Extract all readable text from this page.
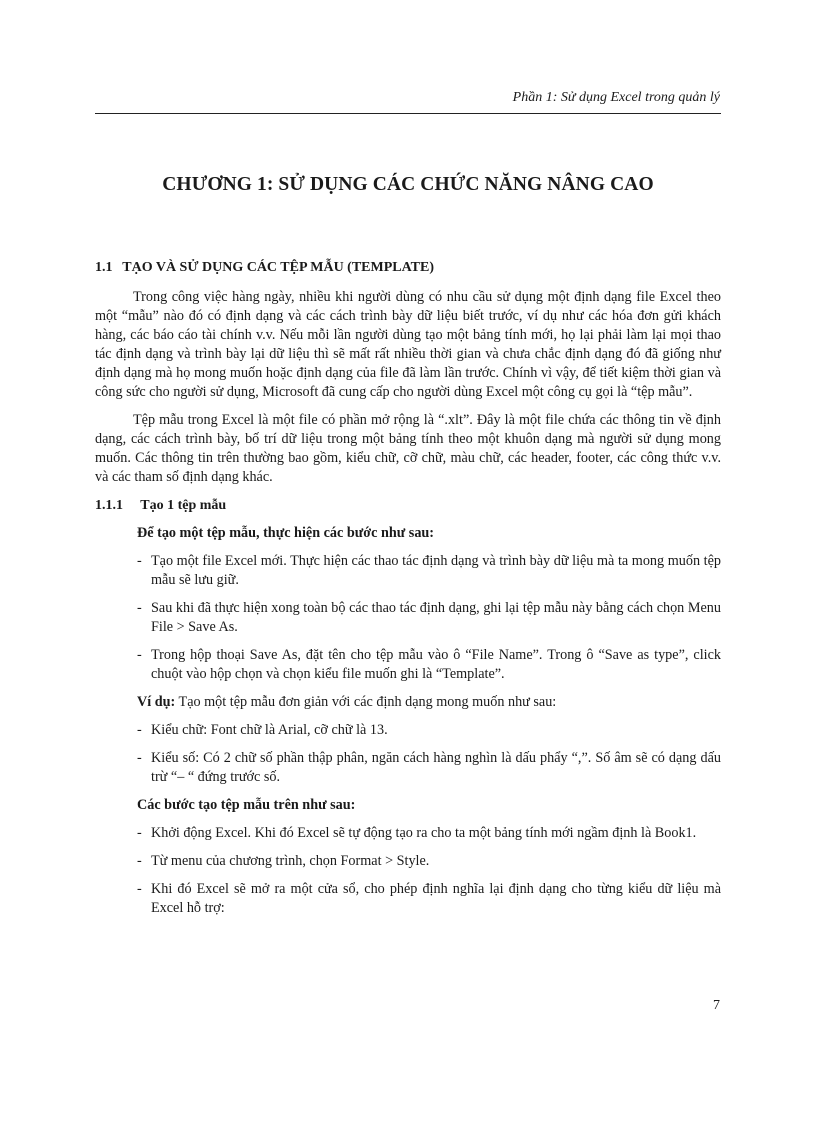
Phần 1: Sử dụng Excel trong quản lý
CHƯƠNG 1: SỬ DỤNG CÁC CHỨC NĂNG NÂNG CAO
1.1 TẠO VÀ SỬ DỤNG CÁC TỆP MẪU (TEMPLATE)

Trong công việc hàng ngày, nhiều khi người dùng có nhu cầu sử dụng một định dạng file Excel theo một “mẫu” nào đó có định dạng và các cách trình bày dữ liệu biết trước, ví dụ như các hóa đơn gửi khách hàng, các báo cáo tài chính v.v. Nếu mỗi lần người dùng tạo một bảng tính mới, họ lại phải làm lại mọi thao tác định dạng và trình bày lại dữ liệu thì sẽ mất rất nhiều thời gian và chưa chắc định dạng đó đã giống như định dạng mà họ mong muốn hoặc định dạng của file đã làm lần trước. Chính vì vậy, để tiết kiệm thời gian và công sức cho người sử dụng, Microsoft đã cung cấp cho người dùng Excel một công cụ gọi là “tệp mẫu”.

Tệp mẫu trong Excel là một file có phần mở rộng là “.xlt”. Đây là một file chứa các thông tin về định dạng, các cách trình bày, bố trí dữ liệu trong một bảng tính theo một khuôn dạng mà người sử dụng mong muốn. Các thông tin trên thường bao gồm, kiểu chữ, cỡ chữ, màu chữ, các header, footer, các công thức v.v. và các tham số định dạng khác.

1.1.1 Tạo 1 tệp mẫu
Để tạo một tệp mẫu, thực hiện các bước như sau:
- Tạo một file Excel mới. Thực hiện các thao tác định dạng và trình bày dữ liệu mà ta mong muốn tệp mẫu sẽ lưu giữ.
- Sau khi đã thực hiện xong toàn bộ các thao tác định dạng, ghi lại tệp mẫu này bằng cách chọn Menu File > Save As.
- Trong hộp thoại Save As, đặt tên cho tệp mẫu vào ô “File Name”. Trong ô “Save as type”, click chuột vào hộp chọn và chọn kiểu file muốn ghi là “Template”.
Ví dụ: Tạo một tệp mẫu đơn giản với các định dạng mong muốn như sau:
- Kiểu chữ: Font chữ là Arial, cỡ chữ là 13.
- Kiểu số: Có 2 chữ số phần thập phân, ngăn cách hàng nghìn là dấu phẩy “,”. Số âm sẽ có dạng dấu trừ “– “ đứng trước số.
Các bước tạo tệp mẫu trên như sau:
- Khởi động Excel. Khi đó Excel sẽ tự động tạo ra cho ta một bảng tính mới ngầm định là Book1.
- Từ menu của chương trình, chọn Format > Style.
- Khi đó Excel sẽ mở ra một cửa sổ, cho phép định nghĩa lại định dạng cho từng kiểu dữ liệu mà Excel hỗ trợ:
7
